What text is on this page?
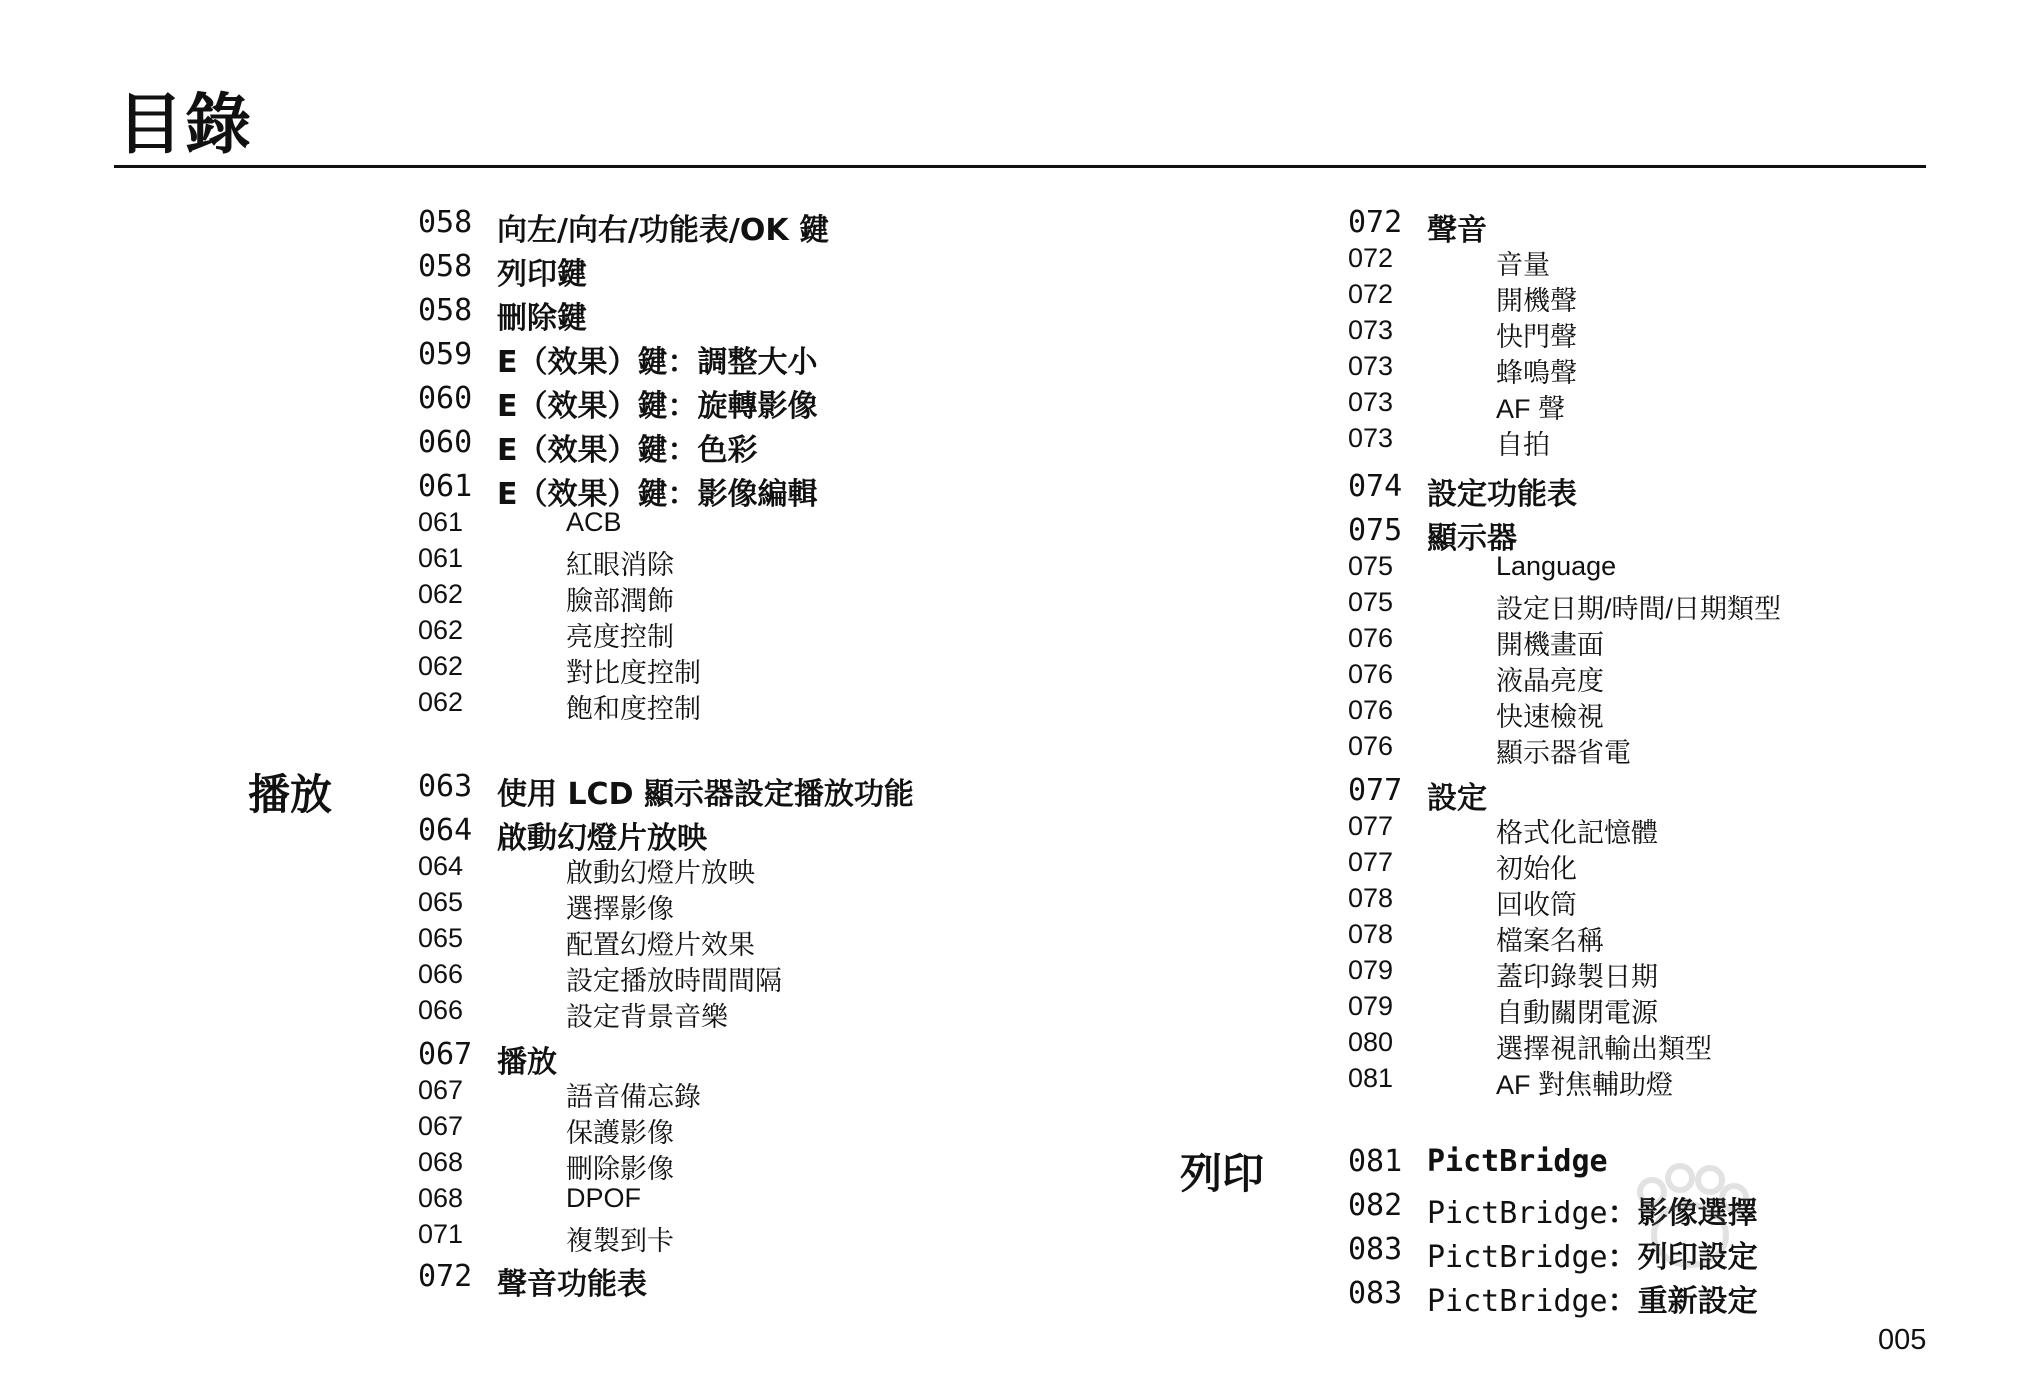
目錄
播放
列印
058 向左/向右/功能表/OK 鍵
058 列印鍵
058 刪除鍵
059 E（效果）鍵：調整大小
060 E（效果）鍵：旋轉影像
060 E（效果）鍵：色彩
061 E（效果）鍵：影像編輯
061	ACB
061	紅眼消除
062	臉部潤飾
062	亮度控制
062	對比度控制
062	飽和度控制
063 使用 LCD 顯示器設定播放功能
064 啟動幻燈片放映
064	啟動幻燈片放映
065	選擇影像
065	配置幻燈片效果
066	設定播放時間間隔
066	設定背景音樂
067 播放
067	語音備忘錄
067	保護影像
068	刪除影像
068	DPOF
071	複製到卡
072 聲音功能表
072 聲音
072	音量
072	開機聲
073	快門聲
073	蜂鳴聲
073	AF 聲
073	自拍
074 設定功能表
075 顯示器
075	Language
075	設定日期/時間/日期類型
076	開機畫面
076	液晶亮度
076	快速檢視
076	顯示器省電
077 設定
077	格式化記憶體
077	初始化
078	回收筒
078	檔案名稱
079	蓋印錄製日期
079	自動關閉電源
080	選擇視訊輸出類型
081	AF 對焦輔助燈
081 PictBridge
082 PictBridge：影像選擇
083 PictBridge：列印設定
083 PictBridge：重新設定
005
